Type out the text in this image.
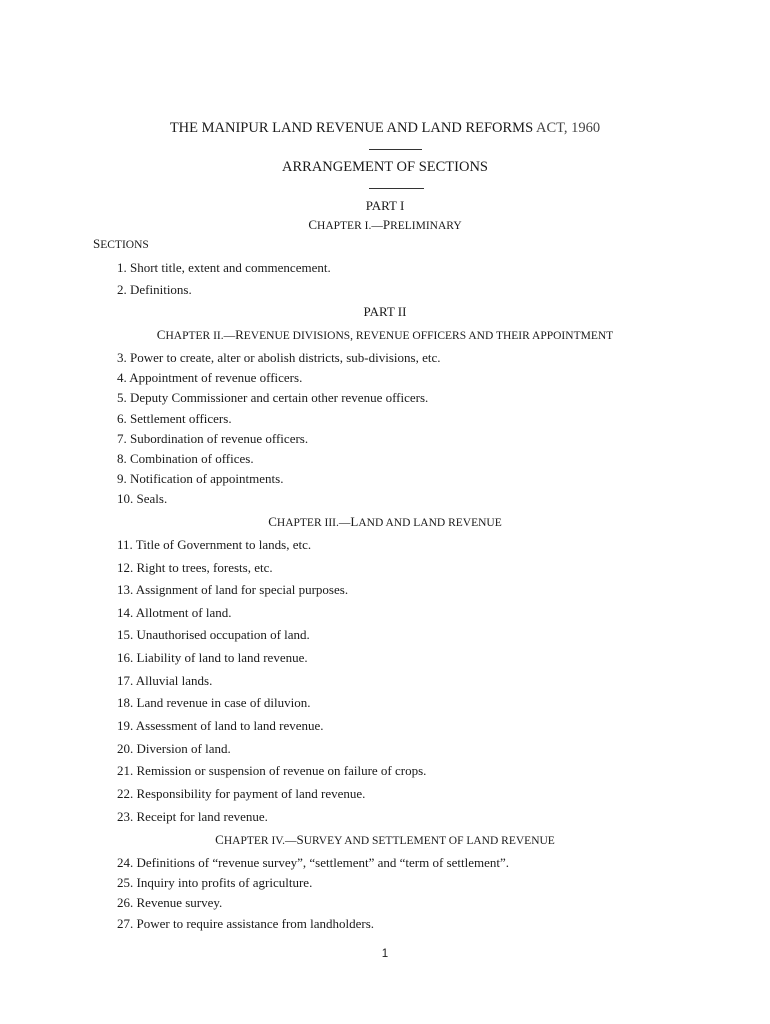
THE MANIPUR LAND REVENUE AND LAND REFORMS ACT, 1960
ARRANGEMENT OF SECTIONS
PART I
CHAPTER I.—PRELIMINARY
SECTIONS
1. Short title, extent and commencement.
2. Definitions.
PART II
CHAPTER II.—REVENUE DIVISIONS, REVENUE OFFICERS AND THEIR APPOINTMENT
3. Power to create, alter or abolish districts, sub-divisions, etc.
4. Appointment of revenue officers.
5. Deputy Commissioner and certain other revenue officers.
6. Settlement officers.
7. Subordination of revenue officers.
8. Combination of offices.
9. Notification of appointments.
10. Seals.
CHAPTER III.—LAND AND LAND REVENUE
11. Title of Government to lands, etc.
12. Right to trees, forests, etc.
13. Assignment of land for special purposes.
14. Allotment of land.
15. Unauthorised occupation of land.
16. Liability of land to land revenue.
17. Alluvial lands.
18. Land revenue in case of diluvion.
19. Assessment of land to land revenue.
20. Diversion of land.
21. Remission or suspension of revenue on failure of crops.
22. Responsibility for payment of land revenue.
23. Receipt for land revenue.
CHAPTER IV.—SURVEY AND SETTLEMENT OF LAND REVENUE
24. Definitions of “revenue survey”, “settlement” and “term of settlement”.
25. Inquiry into profits of agriculture.
26. Revenue survey.
27. Power to require assistance from landholders.
1
